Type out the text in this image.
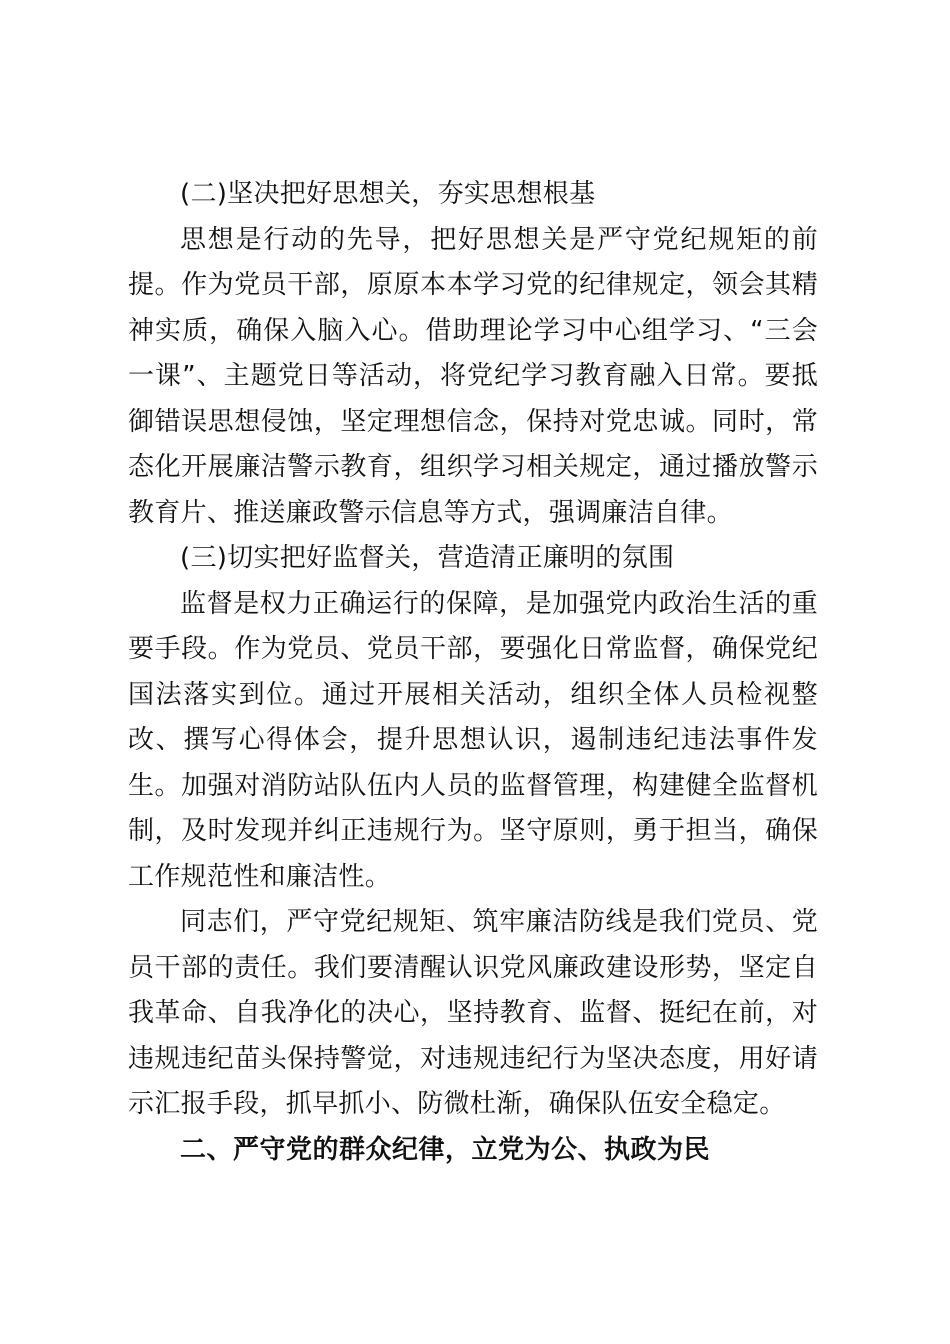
(二)坚决把好思想关，夯实思想根基

思想是行动的先导，把好思想关是严守党纪规矩的前提。作为党员干部，原原本本学习党的纪律规定，领会其精神实质，确保入脑入心。借助理论学习中心组学习、“三会一课”、主题党日等活动，将党纪学习教育融入日常。要抵御错误思想侵蚀，坚定理想信念，保持对党忠诚。同时，常态化开展廉洁警示教育，组织学习相关规定，通过播放警示教育片、推送廉政警示信息等方式，强调廉洁自律。

(三)切实把好监督关，营造清正廉明的氛围

监督是权力正确运行的保障，是加强党内政治生活的重要手段。作为党员、党员干部，要强化日常监督，确保党纪国法落实到位。通过开展相关活动，组织全体人员检视整改、撰写心得体会，提升思想认识，遏制违纪违法事件发生。加强对消防站队伍内人员的监督管理，构建健全监督机制，及时发现并纠正违规行为。坚守原则，勇于担当，确保工作规范性和廉洁性。

同志们，严守党纪规矩、筑牢廉洁防线是我们党员、党员干部的责任。我们要清醒认识党风廉政建设形势，坚定自我革命、自我净化的决心，坚持教育、监督、挺纪在前，对违规违纪苗头保持警觉，对违规违纪行为坚决态度，用好请示汇报手段，抓早抓小、防微杜渐，确保队伍安全稳定。

二、严守党的群众纪律，立党为公、执政为民
